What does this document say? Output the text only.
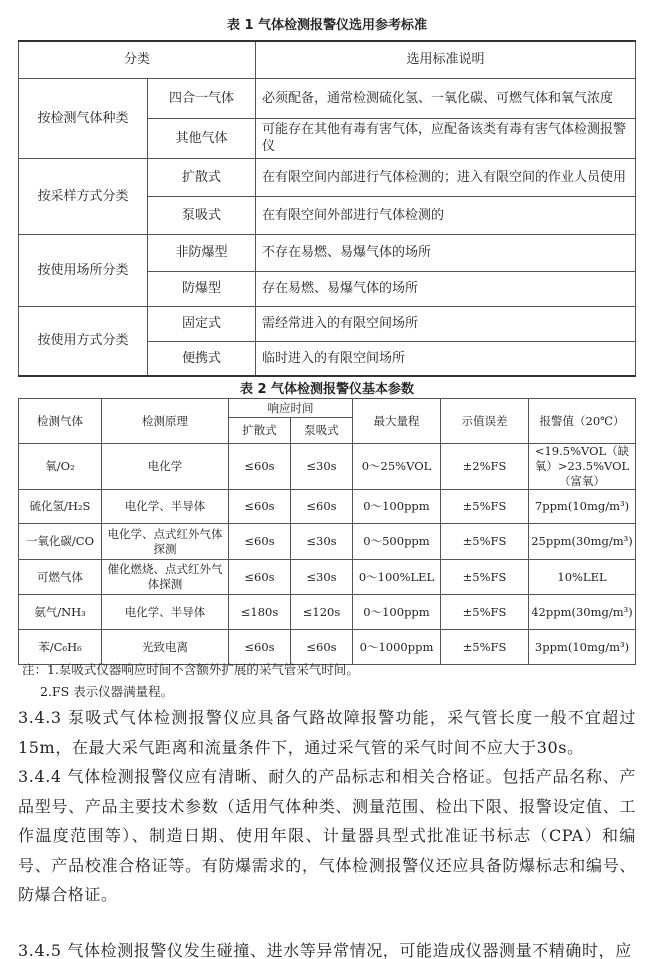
表 1 气体检测报警仪选用参考标准
分类		选用标准说明
按检测气体种类	四合一气体	必须配备，通常检测硫化氢、一氧化碳、可燃气体和氧气浓度
	其他气体	可能存在其他有毒有害气体，应配备该类有毒有害气体检测报警仪
按采样方式分类	扩散式	在有限空间内部进行气体检测的；进入有限空间的作业人员使用
	泵吸式	在有限空间外部进行气体检测的
按使用场所分类	非防爆型	不存在易燃、易爆气体的场所
	防爆型	存在易燃、易爆气体的场所
按使用方式分类	固定式	需经常进入的有限空间场所
	便携式	临时进入的有限空间场所
表 2 气体检测报警仪基本参数
检测气体	检测原理	响应时间		最大量程	示值误差	报警值（20℃）
		扩散式	泵吸式			
氧/O₂	电化学	≤60s	≤30s	0～25%VOL	±2%FS	<19.5%VOL（缺氧）>23.5%VOL（富氧）
硫化氢/H₂S	电化学、半导体	≤60s	≤60s	0～100ppm	±5%FS	7ppm(10mg/m³)
一氧化碳/CO	电化学、点式红外气体探测	≤60s	≤30s	0～500ppm	±5%FS	25ppm(30mg/m³)
可燃气体	催化燃烧、点式红外气体探测	≤60s	≤30s	0～100%LEL	±5%FS	10%LEL
氨气/NH₃	电化学、半导体	≤180s	≤120s	0～100ppm	±5%FS	42ppm(30mg/m³)
苯/C₆H₆	光致电离	≤60s	≤60s	0～1000ppm	±5%FS	3ppm(10mg/m³)
注：1.泵吸式仪器响应时间不含额外扩展的采气管采气时间。
2.FS 表示仪器满量程。
3.4.3 泵吸式气体检测报警仪应具备气路故障报警功能，采气管长度一般不宜超过15m，在最大采气距离和流量条件下，通过采气管的采气时间不应大于30s。
3.4.4 气体检测报警仪应有清晰、耐久的产品标志和相关合格证。包括产品名称、产品型号、产品主要技术参数（适用气体种类、测量范围、检出下限、报警设定值、工作温度范围等）、制造日期、使用年限、计量器具型式批准证书标志（CPA）和编号、产品校准合格证等。有防爆需求的，气体检测报警仪还应具备防爆标志和编号、防爆合格证。
3.4.5 气体检测报警仪发生碰撞、进水等异常情况，可能造成仪器测量不精确时，应
